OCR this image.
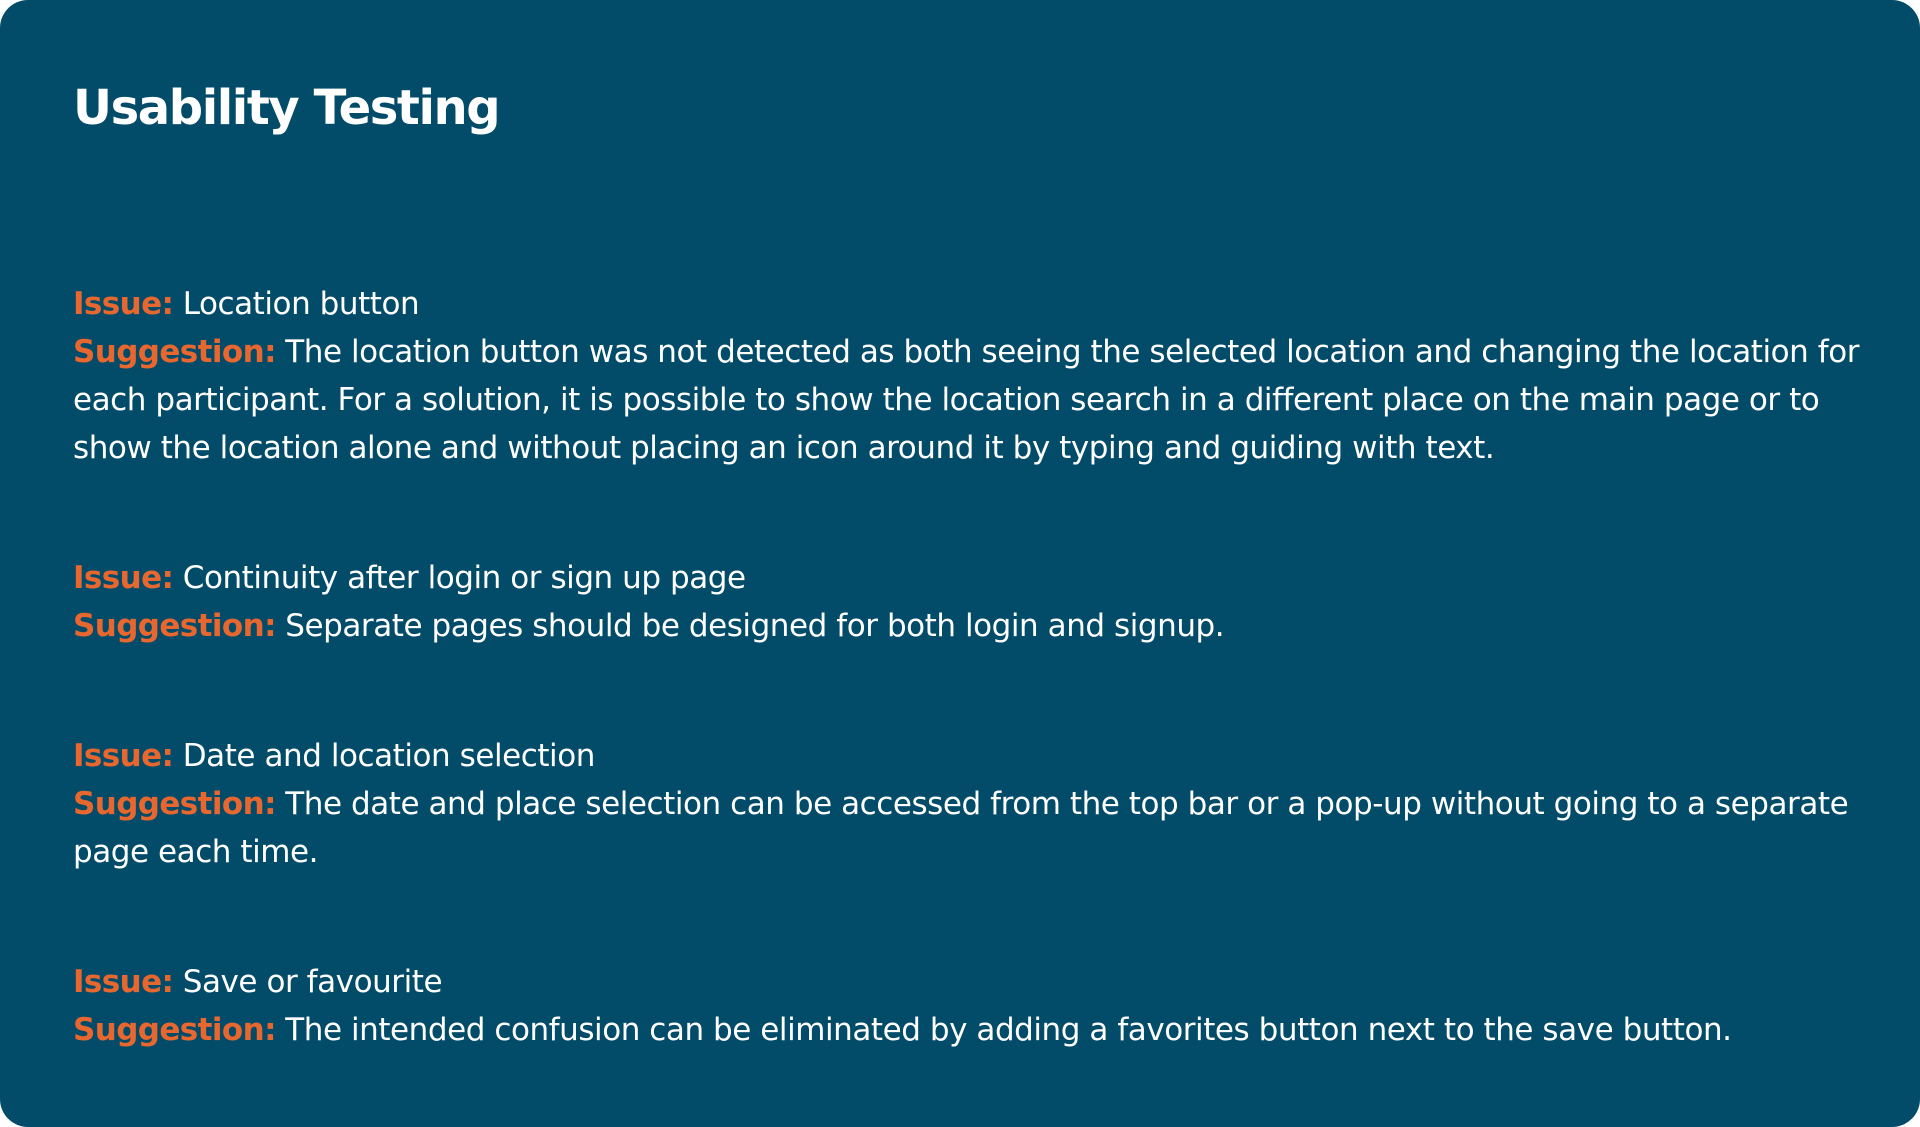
Usability Testing

Issue: Location button

Suggestion: The location button was not detected as both seeing the selected location and changing the location for each participant. For a solution, it is possible to show the location search in a different place on the main page or to show the location alone and without placing an icon around it by typing and guiding with text.

Issue: Continuity after login or sign up page

Suggestion: Separate pages should be designed for both login and signup.

Issue: Date and location selection

Suggestion: The date and place selection can be accessed from the top bar or a pop-up without going to a separate page each time.

Issue: Save or favourite

Suggestion: The intended confusion can be eliminated by adding a favorites button next to the save button.
